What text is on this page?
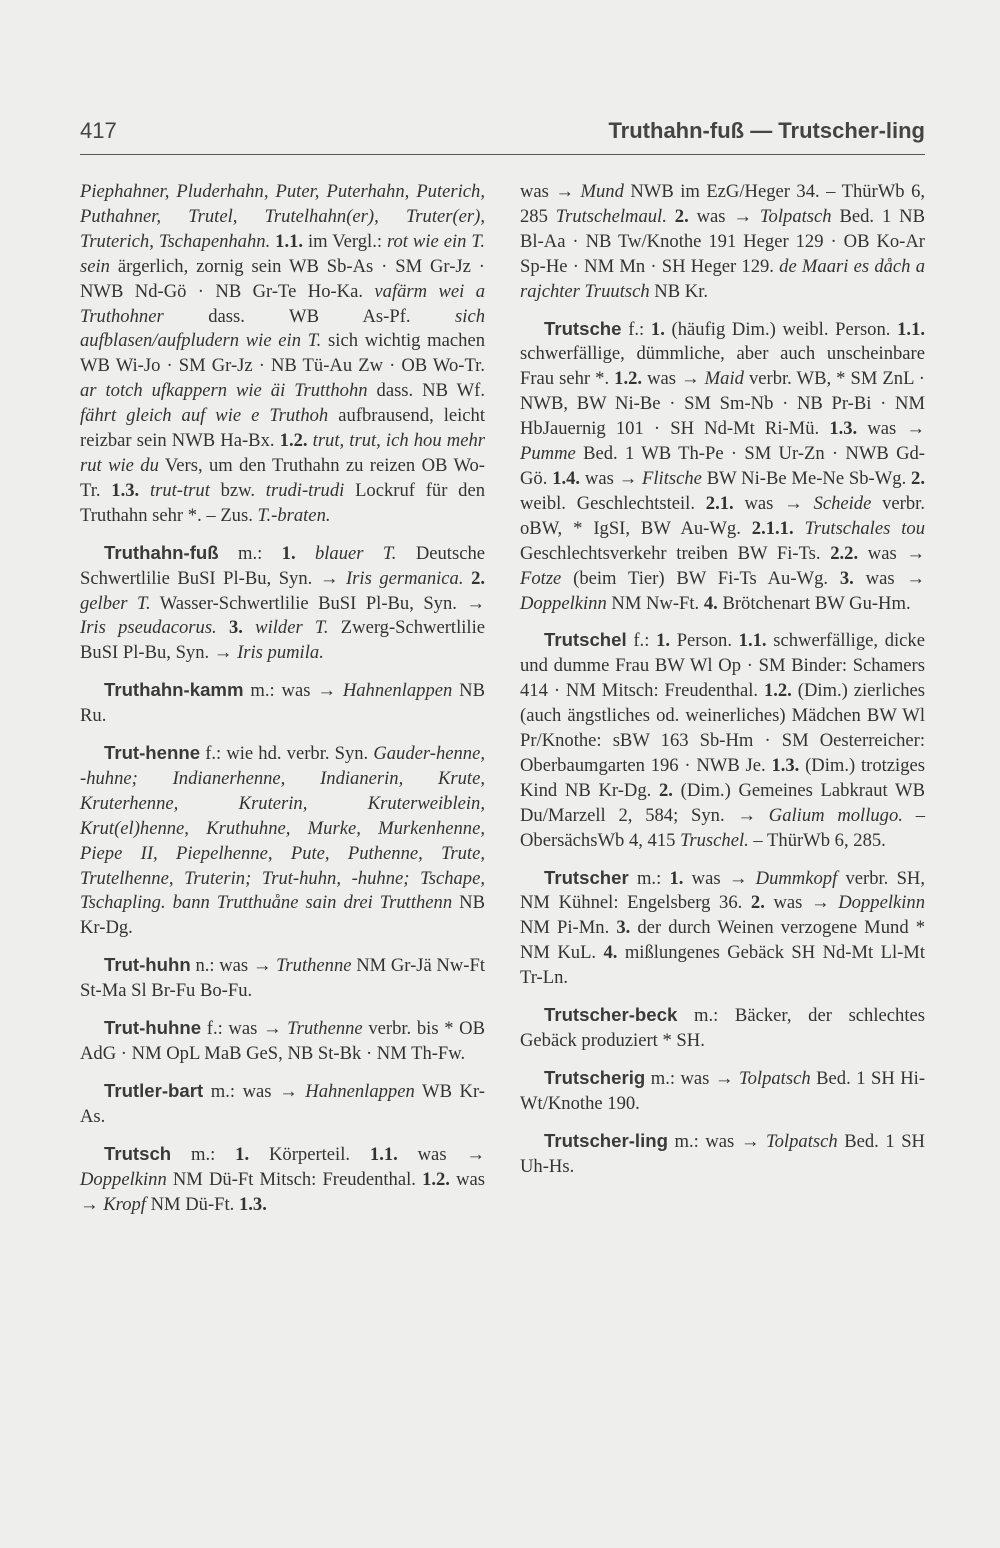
417	Truthahn-fuß — Trutscher-ling

Piephahner, Pluderhahn, Puter, Puterhahn, Puterich, Puthahner, Trutel, Trutelhahn(er), Truter(er), Truterich, Tschapenhahn. 1.1. im Vergl.: rot wie ein T. sein ärgerlich, zornig sein WB Sb-As · SM Gr-Jz · NWB Nd-Gö · NB Gr-Te Ho-Ka. vafärm wei a Truthohner dass. WB As-Pf. sich aufblasen/aufpludern wie ein T. sich wichtig machen WB Wi-Jo · SM Gr-Jz · NB Tü-Au Zw · OB Wo-Tr. ar totch ufkappern wie äi Trutthohn dass. NB Wf. fährt gleich auf wie e Truthoh aufbrausend, leicht reizbar sein NWB Ha-Bx. 1.2. trut, trut, ich hou mehr rut wie du Vers, um den Truthahn zu reizen OB Wo-Tr. 1.3. trut-trut bzw. trudi-trudi Lockruf für den Truthahn sehr *. – Zus. T.-braten.

Truthahn-fuß m.: 1. blauer T. Deutsche Schwertlilie BuSI Pl-Bu, Syn. → Iris germanica. 2. gelber T. Wasser-Schwertlilie BuSI Pl-Bu, Syn. → Iris pseudacorus. 3. wilder T. Zwerg-Schwertlilie BuSI Pl-Bu, Syn. → Iris pumila.

Truthahn-kamm m.: was → Hahnenlappen NB Ru.

Trut-henne f.: wie hd. verbr. Syn. Gauder-henne, -huhne; Indianerhenne, Indianerin, Krute, Kruterhenne, Kruterin, Kruterweiblein, Krut(el)henne, Kruthuhne, Murke, Murkenhenne, Piepe II, Piepelhenne, Pute, Puthenne, Trute, Trutelhenne, Truterin; Trut-huhn, -huhne; Tschape, Tschapling. bann Trutthuåne sain drei Trutthenn NB Kr-Dg.

Trut-huhn n.: was → Truthenne NM Gr-Jä Nw-Ft St-Ma Sl Br-Fu Bo-Fu.

Trut-huhne f.: was → Truthenne verbr. bis * OB AdG · NM OpL MaB GeS, NB St-Bk · NM Th-Fw.

Trutler-bart m.: was → Hahnenlappen WB Kr-As.

Trutsch m.: 1. Körperteil. 1.1. was → Doppelkinn NM Dü-Ft Mitsch: Freudenthal. 1.2. was → Kropf NM Dü-Ft. 1.3.

was → Mund NWB im EzG/Heger 34. – ThürWb 6, 285 Trutschelmaul. 2. was → Tolpatsch Bed. 1 NB Bl-Aa · NB Tw/Knothe 191 Heger 129 · OB Ko-Ar Sp-He · NM Mn · SH Heger 129. de Maari es dåch a rajchter Truutsch NB Kr.

Trutsche f.: 1. (häufig Dim.) weibl. Person. 1.1. schwerfällige, dümmliche, aber auch unscheinbare Frau sehr *. 1.2. was → Maid verbr. WB, * SM ZnL · NWB, BW Ni-Be · SM Sm-Nb · NB Pr-Bi · NM HbJauernig 101 · SH Nd-Mt Ri-Mü. 1.3. was → Pumme Bed. 1 WB Th-Pe · SM Ur-Zn · NWB Gd-Gö. 1.4. was → Flitsche BW Ni-Be Me-Ne Sb-Wg. 2. weibl. Geschlechtsteil. 2.1. was → Scheide verbr. oBW, * IgSI, BW Au-Wg. 2.1.1. Trutschales tou Geschlechtsverkehr treiben BW Fi-Ts. 2.2. was → Fotze (beim Tier) BW Fi-Ts Au-Wg. 3. was → Doppelkinn NM Nw-Ft. 4. Brötchenart BW Gu-Hm.

Trutschel f.: 1. Person. 1.1. schwerfällige, dicke und dumme Frau BW Wl Op · SM Binder: Schamers 414 · NM Mitsch: Freudenthal. 1.2. (Dim.) zierliches (auch ängstliches od. weinerliches) Mädchen BW Wl Pr/Knothe: sBW 163 Sb-Hm · SM Oesterreicher: Oberbaumgarten 196 · NWB Je. 1.3. (Dim.) trotziges Kind NB Kr-Dg. 2. (Dim.) Gemeines Labkraut WB Du/Marzell 2, 584; Syn. → Galium mollugo. – ObersächsWb 4, 415 Truschel. – ThürWb 6, 285.

Trutscher m.: 1. was → Dummkopf verbr. SH, NM Kühnel: Engelsberg 36. 2. was → Doppelkinn NM Pi-Mn. 3. der durch Weinen verzogene Mund * NM KuL. 4. mißlungenes Gebäck SH Nd-Mt Ll-Mt Tr-Ln.

Trutscher-beck m.: Bäcker, der schlechtes Gebäck produziert * SH.

Trutscherig m.: was → Tolpatsch Bed. 1 SH Hi-Wt/Knothe 190.

Trutscher-ling m.: was → Tolpatsch Bed. 1 SH Uh-Hs.
